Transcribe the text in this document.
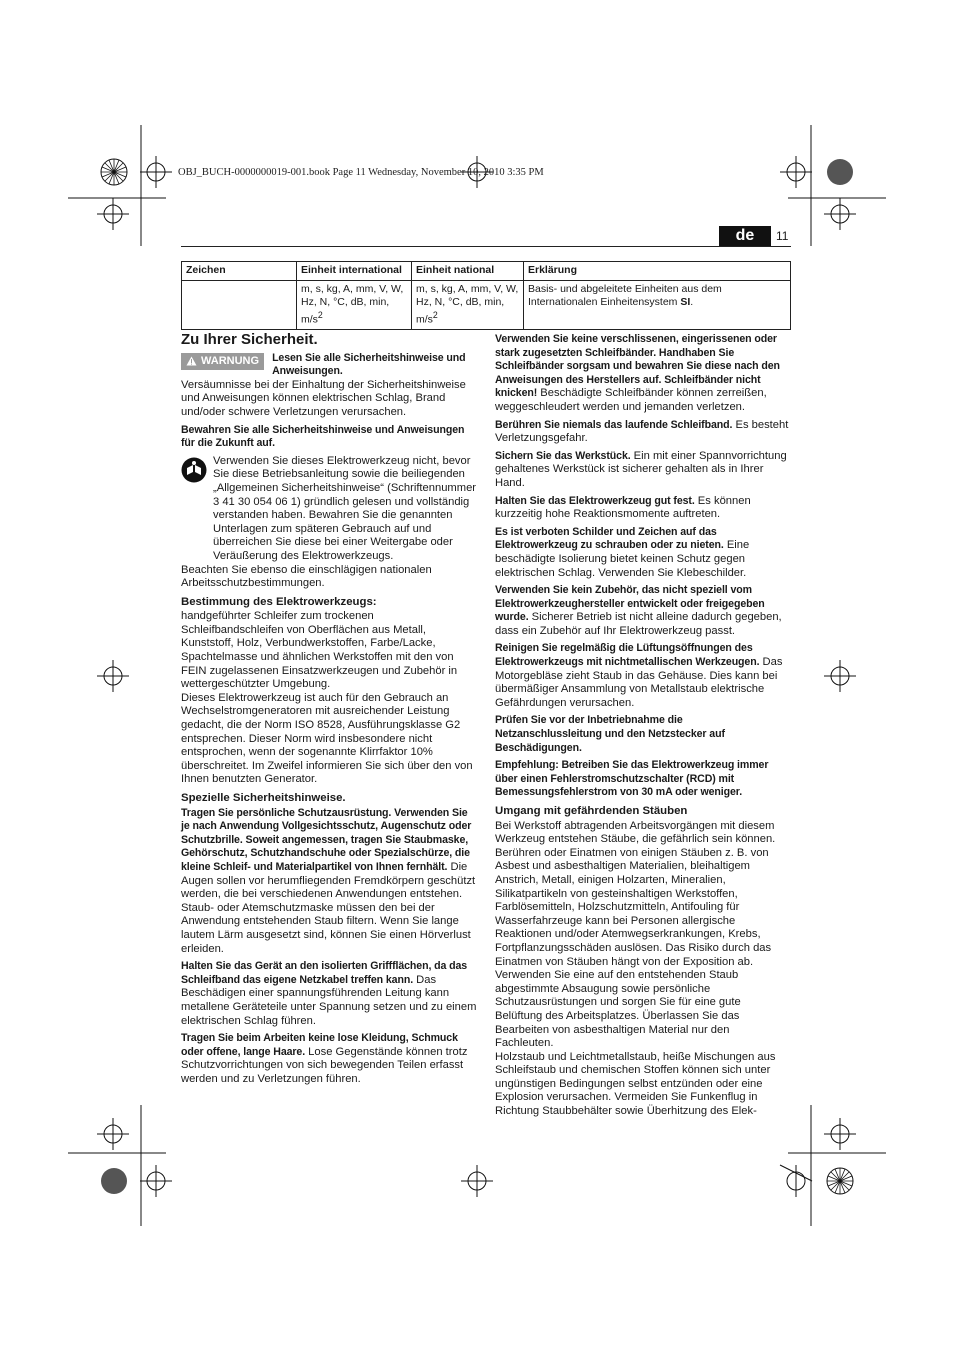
OBJ_BUCH-0000000019-001.book Page 11 Wednesday, November 10, 2010 3:35 PM
de	11
Zeichen	Einheit international	Einheit national	Erklärung
	m, s, kg, A, mm, V, W, Hz, N, °C, dB, min, $m/s^2$	m, s, kg, A, mm, V, W, Hz, N, °C, dB, min, $m/s^2$	Basis- und abgeleitete Einheiten aus dem Internationalen Einheitensystem SI.
Zu Ihrer Sicherheit.
WARNUNG Lesen Sie alle Sicherheitshinweise und Anweisungen.

Versäumnisse bei der Einhaltung der Sicherheitshinweise und Anweisungen können elektrischen Schlag, Brand und/oder schwere Verletzungen verursachen.

Bewahren Sie alle Sicherheitshinweise und Anweisungen für die Zukunft auf.

Verwenden Sie dieses Elektrowerkzeug nicht, bevor Sie diese Betriebsanleitung sowie die beiliegenden „Allgemeinen Sicherheitshinweise“ (Schriftennummer 3 41 30 054 06 1) gründlich gelesen und vollständig verstanden haben. Bewahren Sie die genannten Unterlagen zum späteren Gebrauch auf und überreichen Sie diese bei einer Weitergabe oder Veräußerung des Elektrowerkzeugs.

Beachten Sie ebenso die einschlägigen nationalen Arbeitsschutzbestimmungen.

Bestimmung des Elektrowerkzeugs:

handgeführter Schleifer zum trockenen Schleifbandschleifen von Oberflächen aus Metall, Kunststoff, Holz, Verbundwerkstoffen, Farbe/Lacke, Spachtelmasse und ähnlichen Werkstoffen mit den von FEIN zugelassenen Einsatzwerkzeugen und Zubehör in wettergeschützter Umgebung.

Dieses Elektrowerkzeug ist auch für den Gebrauch an Wechselstromgeneratoren mit ausreichender Leistung gedacht, die der Norm ISO 8528, Ausführungsklasse G2 entsprechen. Dieser Norm wird insbesondere nicht entsprochen, wenn der sogenannte Klirrfaktor 10% überschreitet. Im Zweifel informieren Sie sich über den von Ihnen benutzten Generator.

Spezielle Sicherheitshinweise.

Tragen Sie persönliche Schutzausrüstung. Verwenden Sie je nach Anwendung Vollgesichtsschutz, Augenschutz oder Schutzbrille. Soweit angemessen, tragen Sie Staubmaske, Gehörschutz, Schutzhandschuhe oder Spezialschürze, die kleine Schleif- und Materialpartikel von Ihnen fernhält. Die Augen sollen vor herumfliegenden Fremdkörpern geschützt werden, die bei verschiedenen Anwendungen entstehen. Staub- oder Atemschutzmaske müssen den bei der Anwendung entstehenden Staub filtern. Wenn Sie lange lautem Lärm ausgesetzt sind, können Sie einen Hörverlust erleiden.

Halten Sie das Gerät an den isolierten Griffflächen, da das Schleifband das eigene Netzkabel treffen kann. Das Beschädigen einer spannungsführenden Leitung kann metallene Geräteteile unter Spannung setzen und zu einem elektrischen Schlag führen.

Tragen Sie beim Arbeiten keine lose Kleidung, Schmuck oder offene, lange Haare. Lose Gegenstände können trotz Schutzvorrichtungen von sich bewegenden Teilen erfasst werden und zu Verletzungen führen.

Verwenden Sie keine verschlissenen, eingerissenen oder stark zugesetzten Schleifbänder. Handhaben Sie Schleifbänder sorgsam und bewahren Sie diese nach den Anweisungen des Herstellers auf. Schleifbänder nicht knicken! Beschädigte Schleifbänder können zerreißen, weggeschleudert werden und jemanden verletzen.

Berühren Sie niemals das laufende Schleifband. Es besteht Verletzungsgefahr.

Sichern Sie das Werkstück. Ein mit einer Spannvorrichtung gehaltenes Werkstück ist sicherer gehalten als in Ihrer Hand.

Halten Sie das Elektrowerkzeug gut fest. Es können kurzzeitig hohe Reaktionsmomente auftreten.

Es ist verboten Schilder und Zeichen auf das Elektrowerkzeug zu schrauben oder zu nieten. Eine beschädigte Isolierung bietet keinen Schutz gegen elektrischen Schlag. Verwenden Sie Klebeschilder.

Verwenden Sie kein Zubehör, das nicht speziell vom Elektrowerkzeughersteller entwickelt oder freigegeben wurde. Sicherer Betrieb ist nicht alleine dadurch gegeben, dass ein Zubehör auf Ihr Elektrowerkzeug passt.

Reinigen Sie regelmäßig die Lüftungsöffnungen des Elektrowerkzeugs mit nichtmetallischen Werkzeugen. Das Motorgebläse zieht Staub in das Gehäuse. Dies kann bei übermäßiger Ansammlung von Metallstaub elektrische Gefährdungen verursachen.

Prüfen Sie vor der Inbetriebnahme die Netzanschlussleitung und den Netzstecker auf Beschädigungen.

Empfehlung: Betreiben Sie das Elektrowerkzeug immer über einen Fehlerstromschutzschalter (RCD) mit Bemessungsfehlerstrom von 30 mA oder weniger.

Umgang mit gefährdenden Stäuben

Bei Werkstoff abtragenden Arbeitsvorgängen mit diesem Werkzeug entstehen Stäube, die gefährlich sein können. Berühren oder Einatmen von einigen Stäuben z. B. von Asbest und asbesthaltigen Materialien, bleihaltigem Anstrich, Metall, einigen Holzarten, Mineralien, Silikatpartikeln von gesteinshaltigen Werkstoffen, Farblösemitteln, Holzschutzmitteln, Antifouling für Wasserfahrzeuge kann bei Personen allergische Reaktionen und/oder Atemwegserkrankungen, Krebs, Fortpflanzungsschäden auslösen. Das Risiko durch das Einatmen von Stäuben hängt von der Exposition ab. Verwenden Sie eine auf den entstehenden Staub abgestimmte Absaugung sowie persönliche Schutzausrüstungen und sorgen Sie für eine gute Belüftung des Arbeitsplatzes. Überlassen Sie das Bearbeiten von asbesthaltigen Material nur den Fachleuten.

Holzstaub und Leichtmetallstaub, heiße Mischungen aus Schleifstaub und chemischen Stoffen können sich unter ungünstigen Bedingungen selbst entzünden oder eine Explosion verursachen. Vermeiden Sie Funkenflug in Richtung Staubbehälter sowie Überhitzung des Elek-
